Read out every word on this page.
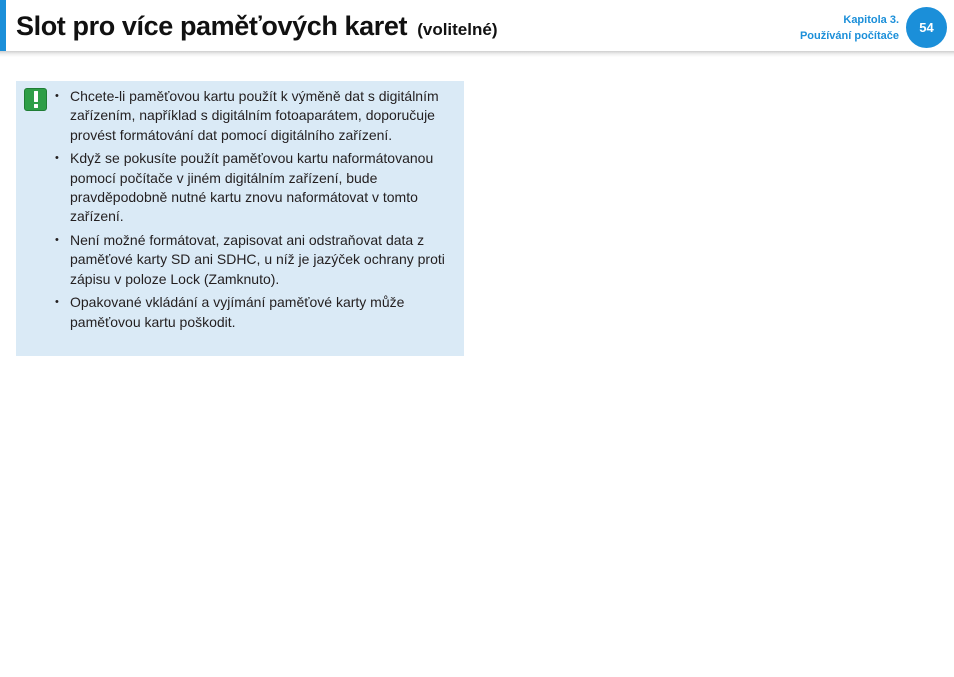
Slot pro více paměťových karet (volitelné)	Kapitola 3.
Používání počítače
54
• Chcete-li paměťovou kartu použít k výměně dat s digitálním zařízením, například s digitálním fotoaparátem, doporučuje provést formátování dat pomocí digitálního zařízení.
• Když se pokusíte použít paměťovou kartu naformátovanou pomocí počítače v jiném digitálním zařízení, bude pravděpodobně nutné kartu znovu naformátovat v tomto zařízení.
• Není možné formátovat, zapisovat ani odstraňovat data z paměťové karty SD ani SDHC, u níž je jazýček ochrany proti zápisu v poloze Lock (Zamknuto).
• Opakované vkládání a vyjímání paměťové karty může paměťovou kartu poškodit.
